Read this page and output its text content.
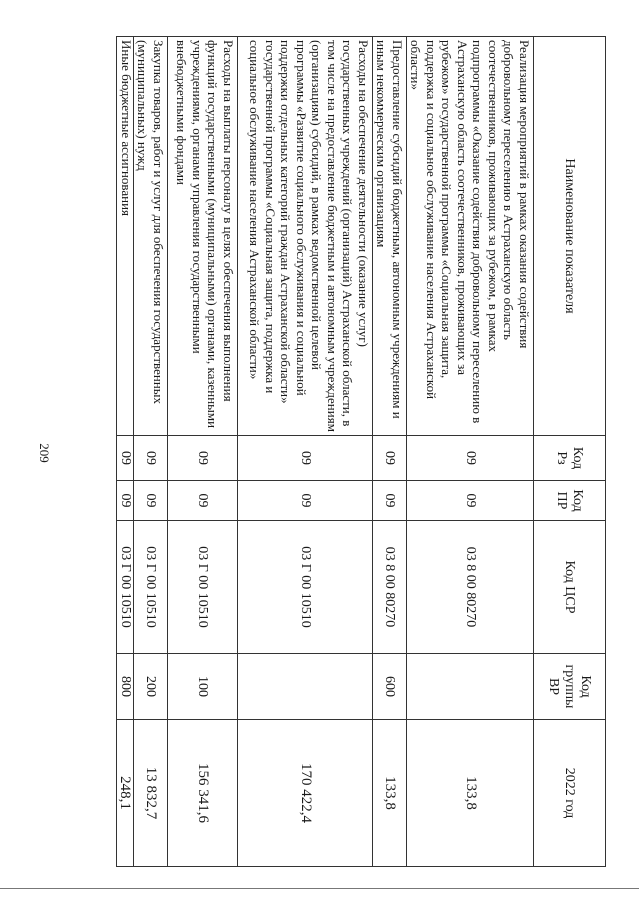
209
Наименование показателя	Код Рз	Код ПР	Код ЦСР	Код группы ВР	2022 год
Реализация мероприятий в рамках оказания содействия добровольному переселению в Астраханскую область соотечественников, проживающих за рубежом, в рамках подпрограммы «Оказание содействия добровольному переселению в Астраханскую область соотечественников, проживающих за рубежом» государственной программы «Социальная защита, поддержка и социальное обслуживание населения Астраханской области»	09	09	03 8 00 80270		133,8
Предоставление субсидий бюджетным, автономным учреждениям и иным некоммерческим организациям	09	09	03 8 00 80270	600	133,8
Расходы на обеспечение деятельности (оказание услуг) государственных учреждений (организаций) Астраханской области, в том числе на предоставление бюджетным и автономным учреждениям (организациям) субсидий, в рамках ведомственной целевой программы «Развитие социального обслуживания и социальной поддержки отдельных категорий граждан Астраханской области» государственной программы «Социальная защита, поддержка и социальное обслуживание населения Астраханской области»	09	09	03 Г 00 10510		170 422,4
Расходы на выплаты персоналу в целях обеспечения выполнения функций государственными (муниципальными) органами, казенными учреждениями, органами управления государственными внебюджетными фондами	09	09	03 Г 00 10510	100	156 341,6
Закупка товаров, работ и услуг для обеспечения государственных (муниципальных) нужд	09	09	03 Г 00 10510	200	13 832,7
Иные бюджетные ассигнования	09	09	03 Г 00 10510	800	248,1
